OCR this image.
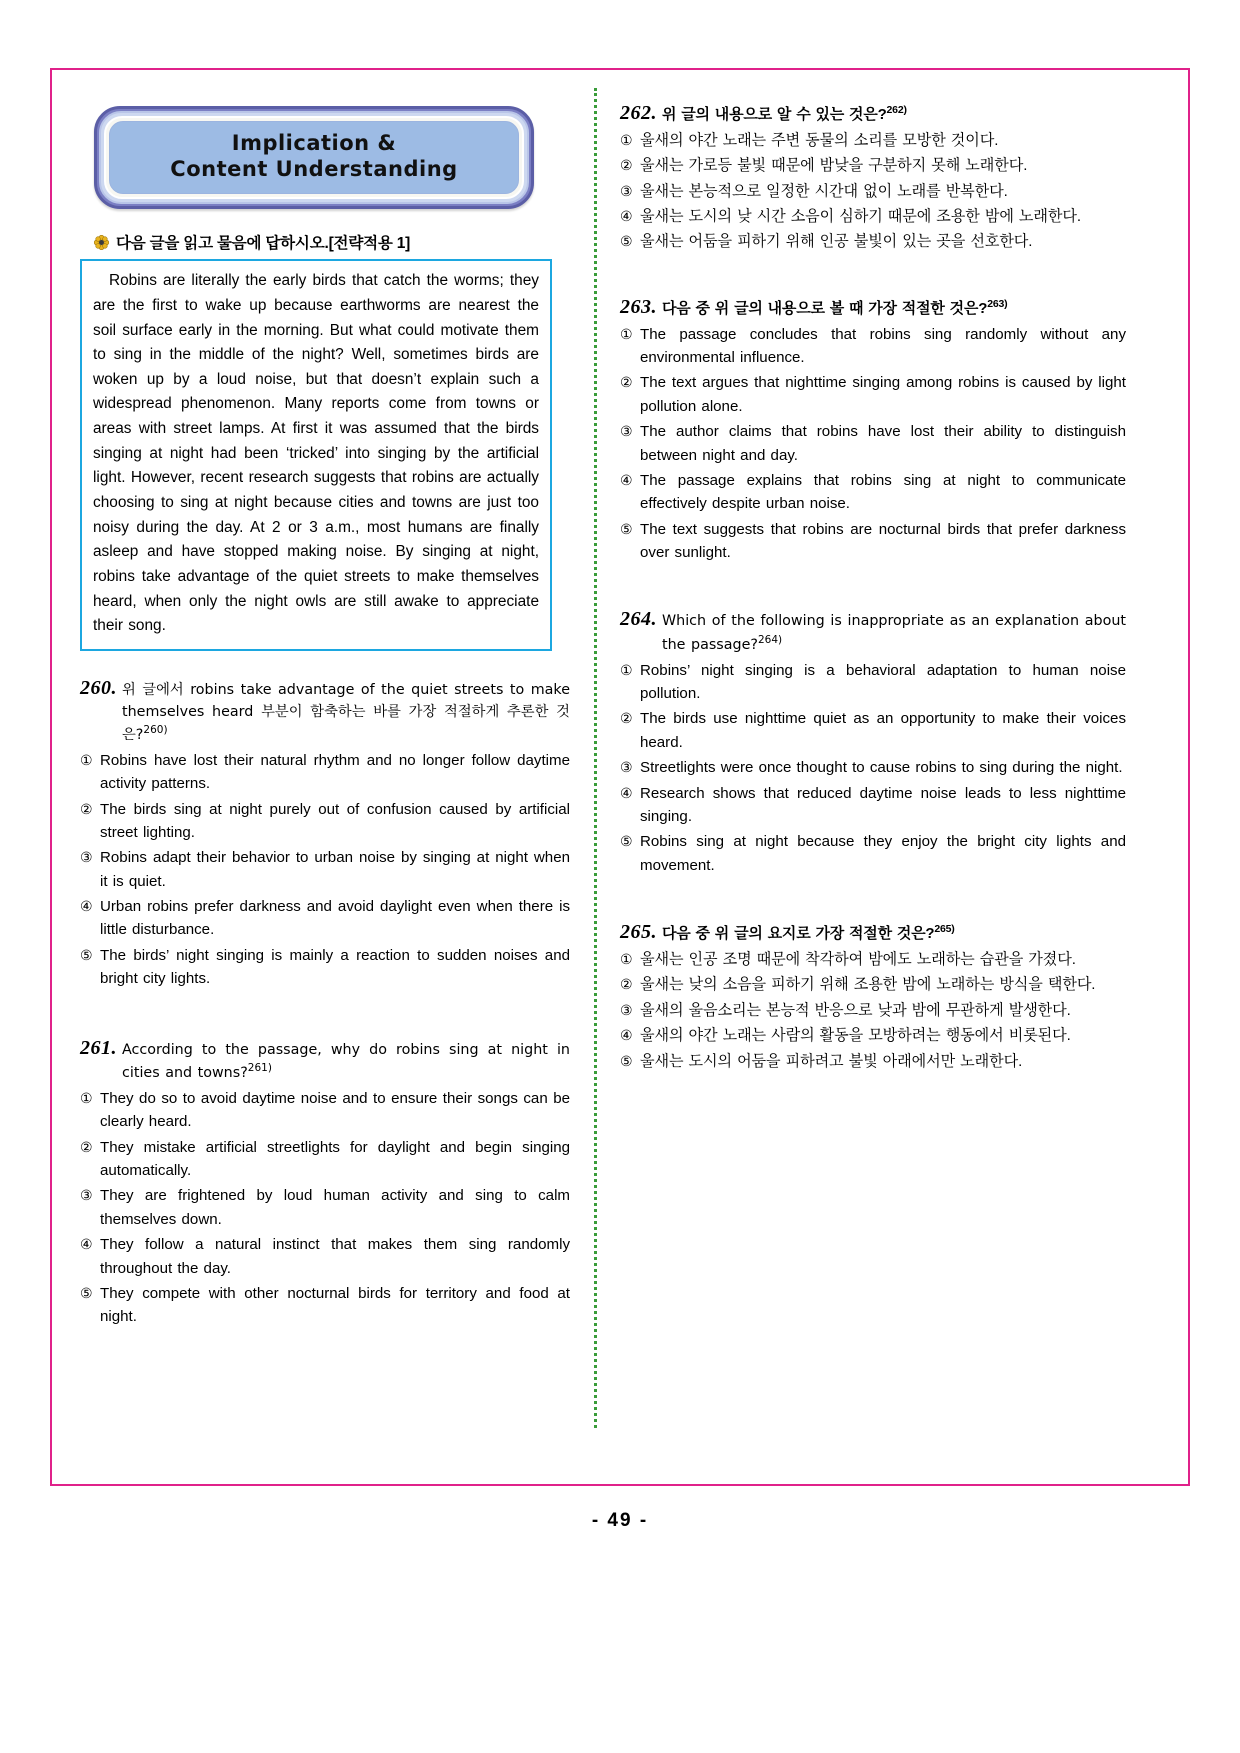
Implication &
Content Understanding
다음 글을 읽고 물음에 답하시오.[전략적용 1]
Robins are literally the early birds that catch the worms; they are the first to wake up because earthworms are nearest the soil surface early in the morning. But what could motivate them to sing in the middle of the night? Well, sometimes birds are woken up by a loud noise, but that doesn’t explain such a widespread phenomenon. Many reports come from towns or areas with street lamps. At first it was assumed that the birds singing at night had been ‘tricked’ into singing by the artificial light. However, recent research suggests that robins are actually choosing to sing at night because cities and towns are just too noisy during the day. At 2 or 3 a.m., most humans are finally asleep and have stopped making noise. By singing at night, robins take advantage of the quiet streets to make themselves heard, when only the night owls are still awake to appreciate their song.
260. 위 글에서 robins take advantage of the quiet streets to make themselves heard 부분이 함축하는 바를 가장 적절하게 추론한 것은?$^{260)}$
① Robins have lost their natural rhythm and no longer follow daytime activity patterns.
② The birds sing at night purely out of confusion caused by artificial street lighting.
③ Robins adapt their behavior to urban noise by singing at night when it is quiet.
④ Urban robins prefer darkness and avoid daylight even when there is little disturbance.
⑤ The birds’ night singing is mainly a reaction to sudden noises and bright city lights.
261. According to the passage, why do robins sing at night in cities and towns?$^{261)}$
① They do so to avoid daytime noise and to ensure their songs can be clearly heard.
② They mistake artificial streetlights for daylight and begin singing automatically.
③ They are frightened by loud human activity and sing to calm themselves down.
④ They follow a natural instinct that makes them sing randomly throughout the day.
⑤ They compete with other nocturnal birds for territory and food at night.
262. 위 글의 내용으로 알 수 있는 것은?$^{262)}$
① 울새의 야간 노래는 주변 동물의 소리를 모방한 것이다.
② 울새는 가로등 불빛 때문에 밤낮을 구분하지 못해 노래한다.
③ 울새는 본능적으로 일정한 시간대 없이 노래를 반복한다.
④ 울새는 도시의 낮 시간 소음이 심하기 때문에 조용한 밤에 노래한다.
⑤ 울새는 어둠을 피하기 위해 인공 불빛이 있는 곳을 선호한다.
263. 다음 중 위 글의 내용으로 볼 때 가장 적절한 것은?$^{263)}$
① The passage concludes that robins sing randomly without any environmental influence.
② The text argues that nighttime singing among robins is caused by light pollution alone.
③ The author claims that robins have lost their ability to distinguish between night and day.
④ The passage explains that robins sing at night to communicate effectively despite urban noise.
⑤ The text suggests that robins are nocturnal birds that prefer darkness over sunlight.
264. Which of the following is inappropriate as an explanation about the passage?$^{264)}$
① Robins’ night singing is a behavioral adaptation to human noise pollution.
② The birds use nighttime quiet as an opportunity to make their voices heard.
③ Streetlights were once thought to cause robins to sing during the night.
④ Research shows that reduced daytime noise leads to less nighttime singing.
⑤ Robins sing at night because they enjoy the bright city lights and movement.
265. 다음 중 위 글의 요지로 가장 적절한 것은?$^{265)}$
① 울새는 인공 조명 때문에 착각하여 밤에도 노래하는 습관을 가졌다.
② 울새는 낮의 소음을 피하기 위해 조용한 밤에 노래하는 방식을 택한다.
③ 울새의 울음소리는 본능적 반응으로 낮과 밤에 무관하게 발생한다.
④ 울새의 야간 노래는 사람의 활동을 모방하려는 행동에서 비롯된다.
⑤ 울새는 도시의 어둠을 피하려고 불빛 아래에서만 노래한다.
- 49 -
